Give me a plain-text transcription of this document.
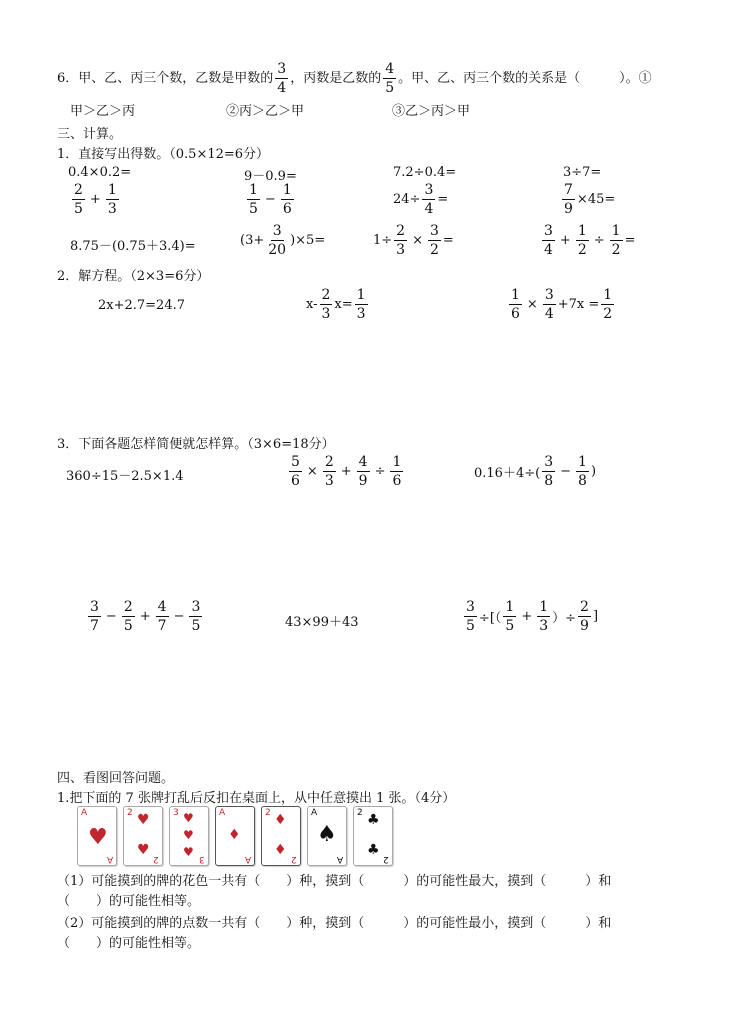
6．甲、乙、丙三个数，乙数是甲数的 $\frac{3}{4}$ ，丙数是乙数的 $\frac{4}{5}$ 。甲、乙、丙三个数的关系是（　　　）。①
甲＞乙＞丙	②丙＞乙＞甲	③乙＞丙＞甲
三、计算。
1．直接写出得数。（0.5×12=6分）
0.4×0.2=	9－0.9=	7.2÷0.4=	3÷7=
$\frac{2}{5} + \frac{1}{3}$	$\frac{1}{5} - \frac{1}{6}$	$24\div \frac{3}{4}$ =	$\frac{7}{9} \times 45=$
8.75－(0.75＋3.4)=	$(3+ \frac{3}{20} )\times 5=$	$1\div \frac{2}{3} \times \frac{3}{2}$ =	$\frac{3}{4} + \frac{1}{2} \div \frac{1}{2}$ =
2．解方程。（2×3=6分）
2x+2.7=24.7	$x- \frac{2}{3} x= \frac{1}{3}$	$\frac{1}{6} \times \frac{3}{4} +7x = \frac{1}{2}$
3．下面各题怎样简便就怎样算。（3×6=18分）
360÷15－2.5×1.4	$\frac{5}{6} \times \frac{2}{3} + \frac{4}{9} \div \frac{1}{6}$	$0.16+4\div( \frac{3}{8} - \frac{1}{8}$ )
$\frac{3}{7} - \frac{2}{5} + \frac{4}{7} - \frac{3}{5}$	43×99＋43	$\frac{3}{5}$ ÷[（ $\frac{1}{5} + \frac{1}{3}$ ）÷ $\frac{2}{9}$ ]
四、看图回答问题。
1.把下面的 7 张牌打乱后反扣在桌面上，从中任意摸出 1 张。（4分）
A
♥
A
2 ♥
♥
2
3 ♥
♥
♥ 3
A
♦
A
2 ♦
♦
2
A
♠
A
2 ♣
♣
2
（1）可能摸到的牌的花色一共有（　　）种，摸到（　　　）的可能性最大，摸到（　　　）和
（　　）的可能性相等。
（2）可能摸到的牌的点数一共有（　　）种，摸到（　　　）的可能性最小，摸到（　　　）和
（　　）的可能性相等。
